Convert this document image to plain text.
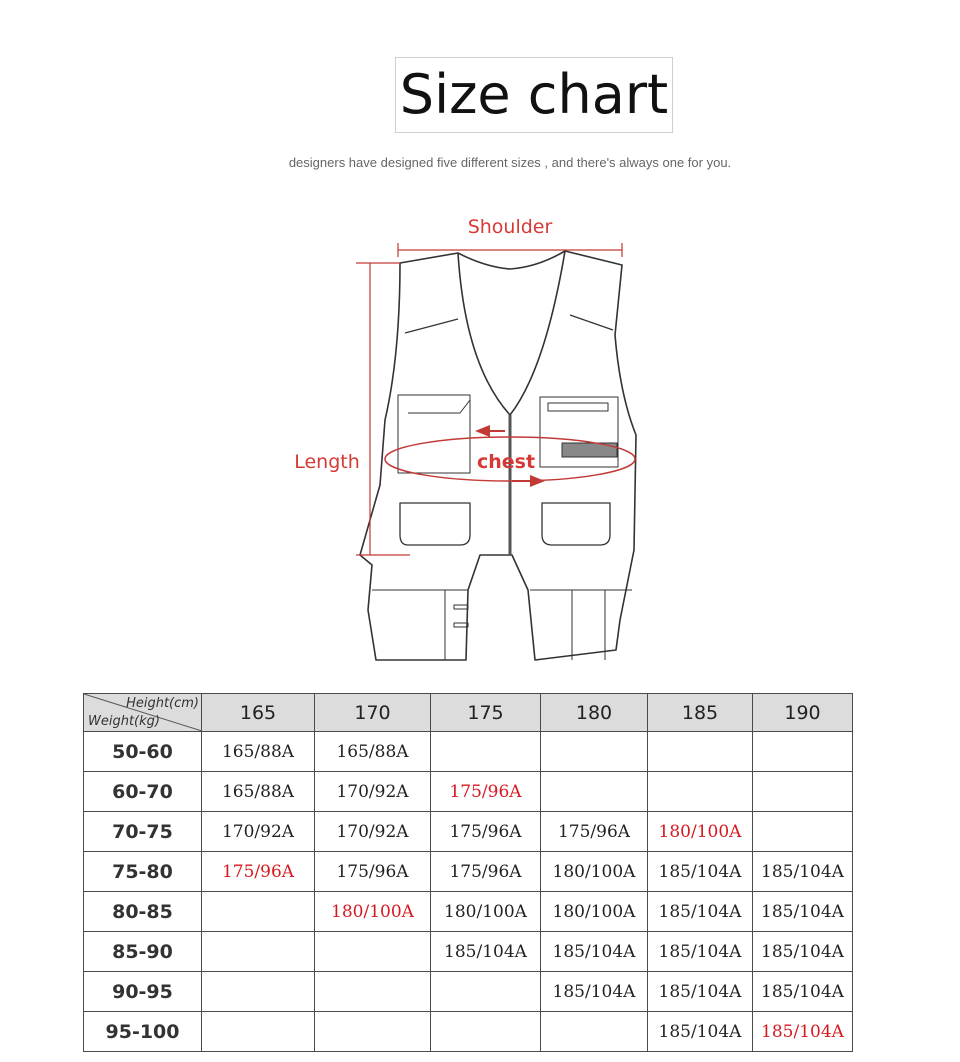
Size chart
designers have designed five different sizes , and there's always one for you.
Shoulder
Length	chest
Height(cm)
Weight(kg)	165	170	175	180	185	190
50-60	165/88A	165/88A				
60-70	165/88A	170/92A	175/96A			
70-75	170/92A	170/92A	175/96A	175/96A	180/100A	
75-80	175/96A	175/96A	175/96A	180/100A	185/104A	185/104A
80-85		180/100A	180/100A	180/100A	185/104A	185/104A
85-90			185/104A	185/104A	185/104A	185/104A
90-95				185/104A	185/104A	185/104A
95-100					185/104A	185/104A
